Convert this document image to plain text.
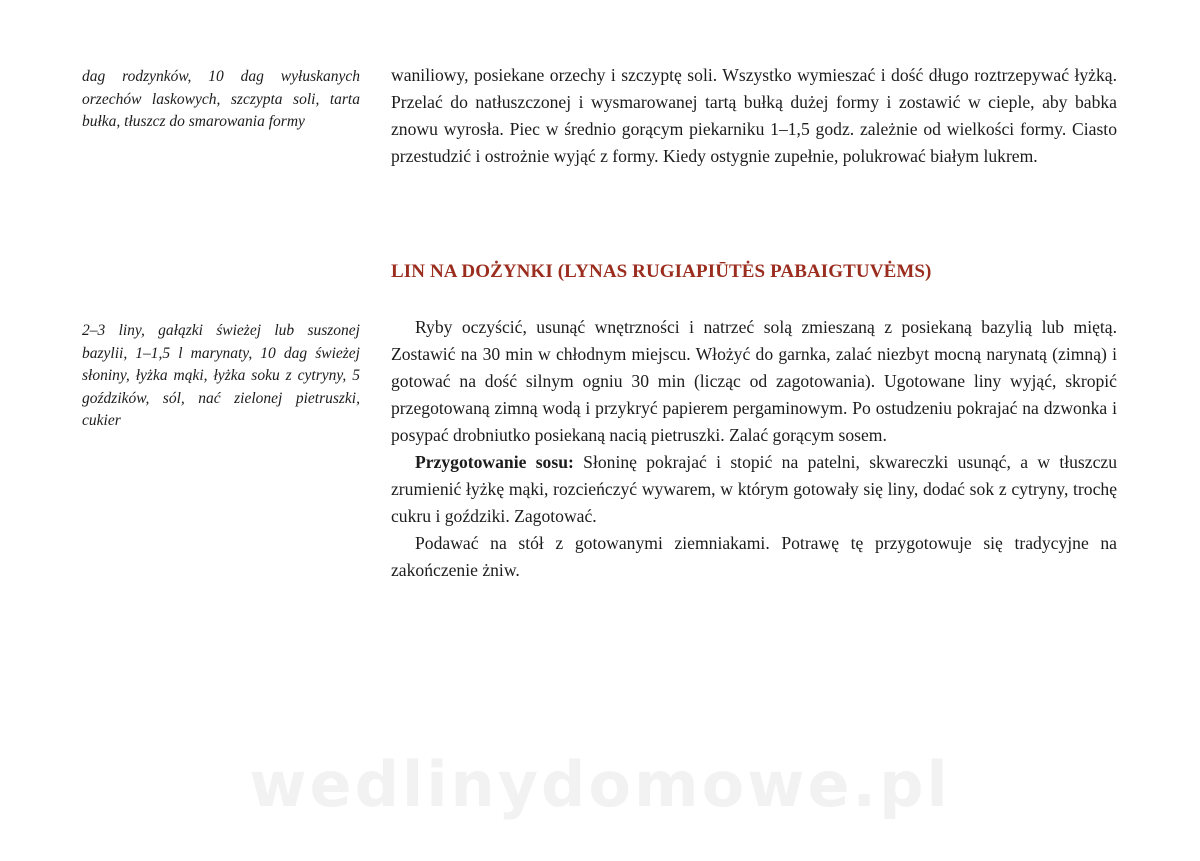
dag rodzynków, 10 dag wyłuskanych orzechów laskowych, szczypta soli, tarta bułka, tłuszcz do smarowania formy

waniliowy, posiekane orzechy i szczyptę soli. Wszystko wymieszać i dość długo roztrzepywać łyżką. Przelać do natłuszczonej i wysmarowanej tartą bułką dużej formy i zostawić w cieple, aby babka znowu wyrosła. Piec w średnio gorącym piekarniku 1–1,5 godz. zależnie od wielkości formy. Ciasto przestudzić i ostrożnie wyjąć z formy. Kiedy ostygnie zupełnie, polukrować białym lukrem.

LIN NA DOŻYNKI (LYNAS RUGIAPIŪTĖS PABAIGTUVĖMS)
2–3 liny, gałązki świeżej lub suszonej bazylii, 1–1,5 l marynaty, 10 dag świeżej słoniny, łyżka mąki, łyżka soku z cytryny, 5 goździków, sól, nać zielonej pietruszki, cukier

Ryby oczyścić, usunąć wnętrzności i natrzeć solą zmieszaną z posiekaną bazylią lub miętą. Zostawić na 30 min w chłodnym miejscu. Włożyć do garnka, zalać niezbyt mocną narynatą (zimną) i gotować na dość silnym ogniu 30 min (licząc od zagotowania). Ugotowane liny wyjąć, skropić przegotowaną zimną wodą i przykryć papierem pergaminowym. Po ostudzeniu pokrajać na dzwonka i posypać drobniutko posiekaną nacią pietruszki. Zalać gorącym sosem.

Przygotowanie sosu: Słoninę pokrajać i stopić na patelni, skwareczki usunąć, a w tłuszczu zrumienić łyżkę mąki, rozcieńczyć wywarem, w którym gotowały się liny, dodać sok z cytryny, trochę cukru i goździki. Zagotować.

Podawać na stół z gotowanymi ziemniakami. Potrawę tę przygotowuje się tradycyjne na zakończenie żniw.

wedlinydomowe.pl
